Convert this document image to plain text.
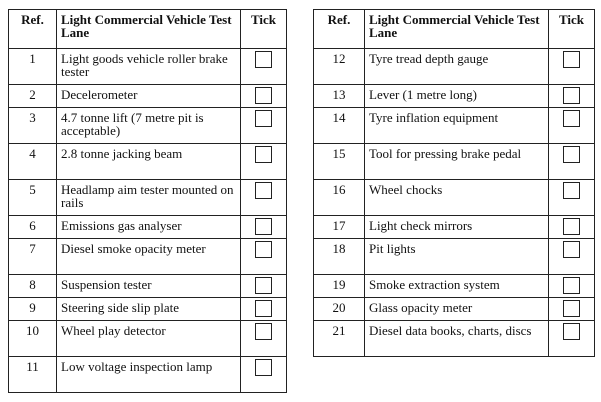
Ref.	Light Commercial Vehicle Test Lane	Tick
1	Light goods vehicle roller brake tester	
2	Decelerometer	
3	4.7 tonne lift (7 metre pit is acceptable)	
4	2.8 tonne jacking beam	
5	Headlamp aim tester mounted on rails	
6	Emissions gas analyser	
7	Diesel smoke opacity meter	
8	Suspension tester	
9	Steering side slip plate	
10	Wheel play detector	
11	Low voltage inspection lamp	
Ref.	Light Commercial Vehicle Test Lane	Tick
12	Tyre tread depth gauge	
13	Lever (1 metre long)	
14	Tyre inflation equipment	
15	Tool for pressing brake pedal	
16	Wheel chocks	
17	Light check mirrors	
18	Pit lights	
19	Smoke extraction system	
20	Glass opacity meter	
21	Diesel data books, charts, discs	
